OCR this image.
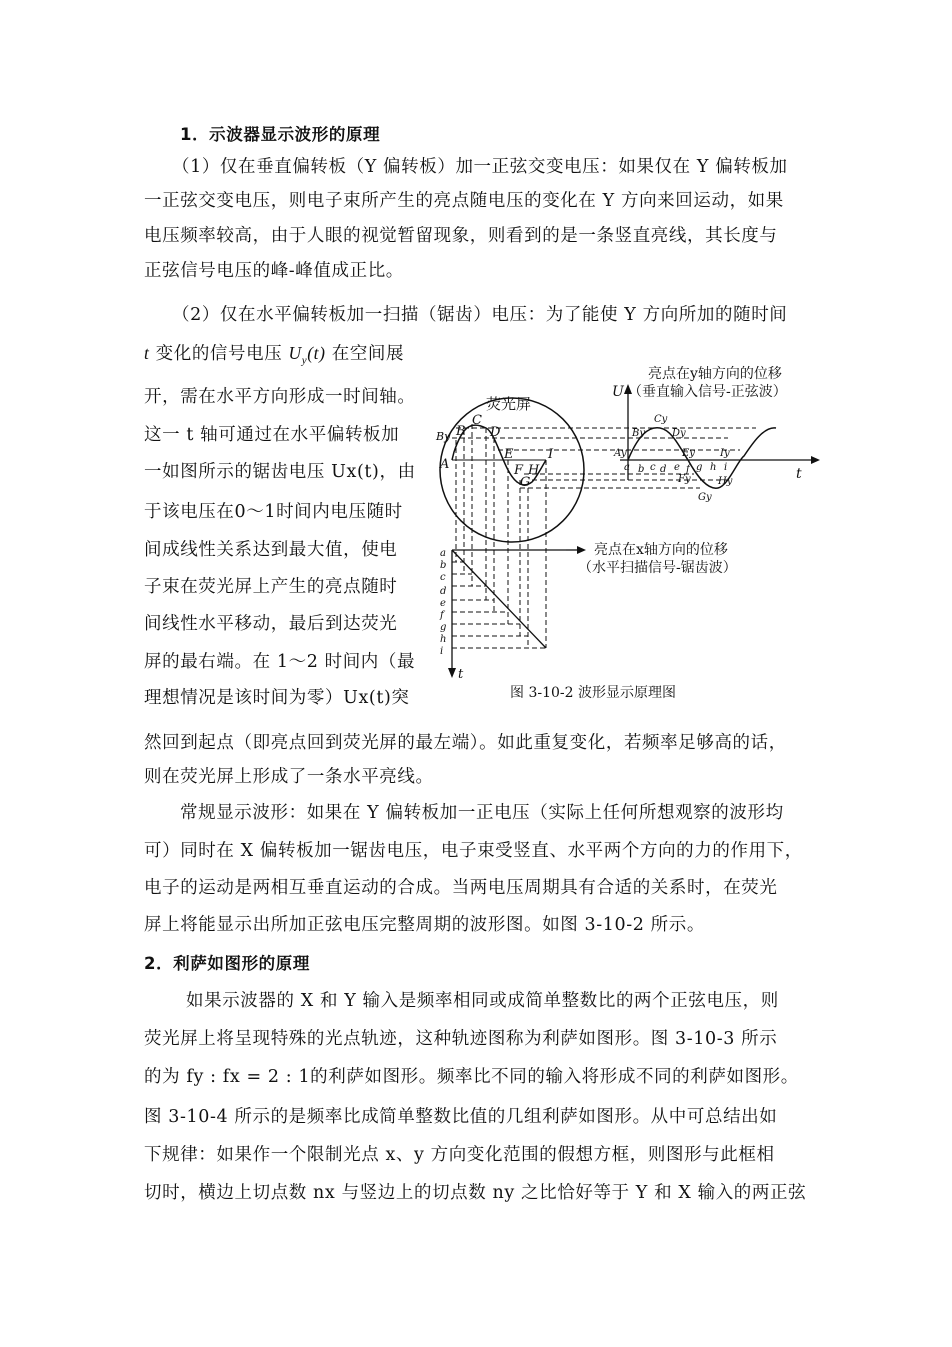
1．示波器显示波形的原理
（1）仅在垂直偏转板（Y 偏转板）加一正弦交变电压：如果仅在 Y 偏转板加
一正弦交变电压，则电子束所产生的亮点随电压的变化在 Y 方向来回运动，如果
电压频率较高，由于人眼的视觉暂留现象，则看到的是一条竖直亮线，其长度与
正弦信号电压的峰-峰值成正比。
（2）仅在水平偏转板加一扫描（锯齿）电压：为了能使 Y 方向所加的随时间
t 变化的信号电压 $U_y(t)$ 在空间展
开，需在水平方向形成一时间轴。
这一 t 轴可通过在水平偏转板加
一如图所示的锯齿电压 Ux(t)，由
于该电压在0～1时间内电压随时
间成线性关系达到最大值，使电
子束在荧光屏上产生的亮点随时
间线性水平移动，最后到达荧光
屏的最右端。在 1～2 时间内（最
理想情况是该时间为零）Ux(t)突
然回到起点（即亮点回到荧光屏的最左端）。如此重复变化，若频率足够高的话，
则在荧光屏上形成了一条水平亮线。
常规显示波形：如果在 Y 偏转板加一正电压（实际上任何所想观察的波形均
可）同时在 X 偏转板加一锯齿电压，电子束受竖直、水平两个方向的力的作用下，
电子的运动是两相互垂直运动的合成。当两电压周期具有合适的关系时，在荧光
屏上将能显示出所加正弦电压完整周期的波形图。如图 3-10-2 所示。
2．利萨如图形的原理
如果示波器的 X 和 Y 输入是频率相同或成简单整数比的两个正弦电压，则
荧光屏上将呈现特殊的光点轨迹，这种轨迹图称为利萨如图形。图 3-10-3 所示
的为 fy : fx = 2 : 1的利萨如图形。频率比不同的输入将形成不同的利萨如图形。
图 3-10-4 所示的是频率比成简单整数比值的几组利萨如图形。从中可总结出如
下规律：如果作一个限制光点 x、y 方向变化范围的假想方框，则图形与此框相
切时，横边上切点数 nx 与竖边上的切点数 ny 之比恰好等于 Y 和 X 输入的两正弦
荧光屏
A
B
C
D
E
F
G
H
I
By
U
t
Ay
By
Cy
Dy
Ey
Fy
Gy
Hy
Iy
a b c d e f g h i
亮点在y轴方向的位移
（垂直输入信号-正弦波）
t
a
b
c
d
e
f
g
h
i
亮点在x轴方向的位移
（水平扫描信号-锯齿波）
图 3-10-2 波形显示原理图
